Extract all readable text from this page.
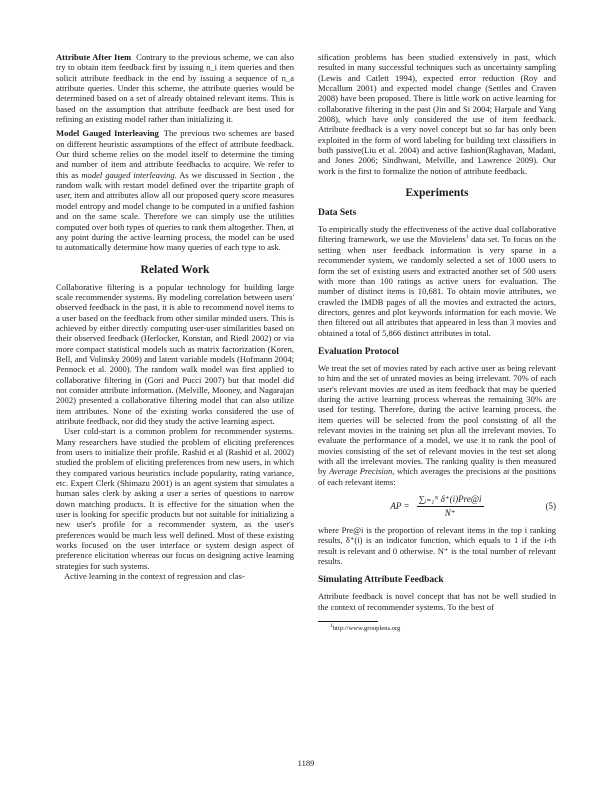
Attribute After Item Contrary to the previous scheme, we can also try to obtain item feedback first by issuing n_i item queries and then solicit attribute feedback in the end by issuing a sequence of n_a attribute queries. Under this scheme, the attribute queries would be determined based on a set of already obtained relevant items. This is based on the assumption that attribute feedback are best used for refining an existing model rather than initializing it.

Model Gauged Interleaving The previous two schemes are based on different heuristic assumptions of the effect of attribute feedback. Our third scheme relies on the model itself to determine the timing and number of item and attribute feedbacks to acquire. We refer to this as model gauged interleaving. As we discussed in Section , the random walk with restart model defined over the tripartite graph of user, item and attributes allow all our proposed query score measures model entropy and model change to be computed in a unified fashion and on the same scale. Therefore we can simply use the utilities computed over both types of queries to rank them altogether. Then, at any point during the active learning process, the model can be used to automatically determine how many queries of each type to ask.

Related Work

Collaborative filtering is a popular technology for building large scale recommender systems. By modeling correlation between users' observed feedback in the past, it is able to recommend novel items to a user based on the feedback from other similar minded users. This is achieved by either directly computing user-user similarities based on their observed feedback (Herlocker, Konstan, and Riedl 2002) or via more compact statistical models such as matrix factorization (Koren, Bell, and Volinsky 2009) and latent variable models (Hofmann 2004; Pennock et al. 2000). The random walk model was first applied to collaborative filtering in (Gori and Pucci 2007) but that model did not consider attribute information. (Melville, Mooney, and Nagarajan 2002) presented a collaborative filtering model that can also utilize item attributes. None of the existing works considered the use of attribute feedback, nor did they study the active learning aspect.

User cold-start is a common problem for recommender systems. Many researchers have studied the problem of eliciting preferences from users to initialize their profile. Rashid et al (Rashid et al. 2002) studied the problem of eliciting preferences from new users, in which they compared various heuristics include popularity, rating variance, etc. Expert Clerk (Shimazu 2001) is an agent system that simulates a human sales clerk by asking a user a series of questions to narrow down matching products. It is effective for the situation when the user is looking for specific products but not suitable for initializing a new user's profile for a recommender system, as the user's preferences would be much less well defined. Most of these existing works focused on the user interface or system design aspect of preference elicitation whereas our focus on designing active learning strategies for such systems.

Active learning in the context of regression and clas-

sification problems has been studied extensively in past, which resulted in many successful techniques such as uncertainty sampling (Lewis and Catlett 1994), expected error reduction (Roy and Mccallum 2001) and expected model change (Settles and Craven 2008) have been proposed. There is little work on active learning for collaborative filtering in the past (Jin and Si 2004; Harpale and Yang 2008), which have only considered the use of item feedback. Attribute feedback is a very novel concept but so far has only been exploited in the form of word labeling for building text classifiers in both passive(Liu et al. 2004) and active fashion(Raghavan, Madani, and Jones 2006; Sindhwani, Melville, and Lawrence 2009). Our work is the first to formalize the notion of attribute feedback.

Experiments
Data Sets

To empirically study the effectiveness of the active dual collaborative filtering framework, we use the Movielens$^1$ data set. To focus on the setting when user feedback information is very sparse in a recommender system, we randomly selected a set of 1000 users to form the set of existing users and extracted another set of 500 users with more than 100 ratings as active users for evaluation. The number of distinct items is 10,681. To obtain movie attributes, we crawled the IMDB pages of all the movies and extracted the actors, directors, genres and plot keywords information for each movie. We then filtered out all attributes that appeared in less than 3 movies and obtained a total of 5,866 distinct attributes in total.

Evaluation Protocol

We treat the set of movies rated by each active user as being relevant to him and the set of unrated movies as being irrelevant. 70% of each user's relevant movies are used as item feedback that may be queried during the active learning process whereas the remaining 30% are used for testing. Therefore, during the active learning process, the item queries will be selected from the pool consisting of all the relevant movies in the training set plus all the irrelevant movies. To evaluate the performance of a model, we use it to rank the pool of movies consisting of the set of relevant movies in the test set along with all the irrelevant movies. The ranking quality is then measured by Average Precision, which averages the precisions at the positions of each relevant items:

AP = $\frac{\text{∑ᵢ₌₁ᴺ δ⁺(i)Pre@i}}{N^+}$	(5)

where Pre@i is the proportion of relevant items in the top i ranking results, δ⁺(i) is an indicator function, which equals to 1 if the i-th result is relevant and 0 otherwise. N⁺ is the total number of relevant results.

Simulating Attribute Feedback

Attribute feedback is novel concept that has not be well studied in the context of recommender systems. To the best of

$^1$http://www.grouplens.org
1189
